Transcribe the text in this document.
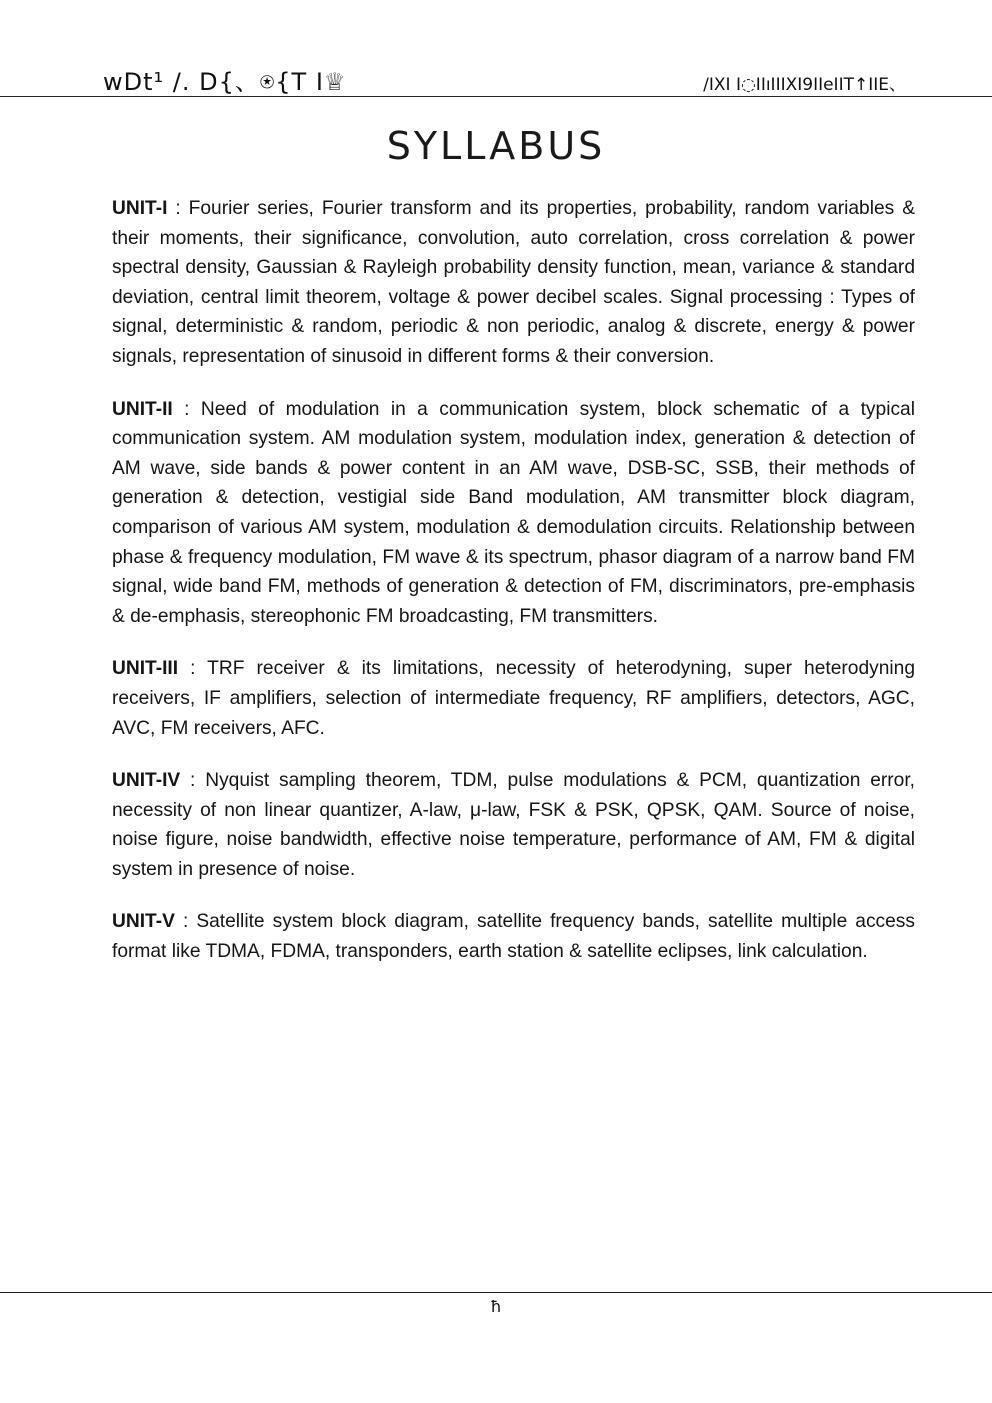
wDt¹ /. D{、⍟{T I♕	/IXI I◌IIıIIIXI9IIeIIT↑IIE、
SYLLABUS

UNIT-I : Fourier series, Fourier transform and its properties, probability, random variables & their moments, their significance, convolution, auto correlation, cross correlation & power spectral density, Gaussian & Rayleigh probability density function, mean, variance & standard deviation, central limit theorem, voltage & power decibel scales. Signal processing : Types of signal, deterministic & random, periodic & non periodic, analog & discrete, energy & power signals, representation of sinusoid in different forms & their conversion.

UNIT-II : Need of modulation in a communication system, block schematic of a typical communication system. AM modulation system, modulation index, generation & detection of AM wave, side bands & power content in an AM wave, DSB-SC, SSB, their methods of generation & detection, vestigial side Band modulation, AM transmitter block diagram, comparison of various AM system, modulation & demodulation circuits. Relationship between phase & frequency modulation, FM wave & its spectrum, phasor diagram of a narrow band FM signal, wide band FM, methods of generation & detection of FM, discriminators, pre-emphasis & de-emphasis, stereophonic FM broadcasting, FM transmitters.

UNIT-III : TRF receiver & its limitations, necessity of heterodyning, super heterodyning receivers, IF amplifiers, selection of intermediate frequency, RF amplifiers, detectors, AGC, AVC, FM receivers, AFC.

UNIT-IV : Nyquist sampling theorem, TDM, pulse modulations & PCM, quantization error, necessity of non linear quantizer, A-law, μ-law, FSK & PSK, QPSK, QAM. Source of noise, noise figure, noise bandwidth, effective noise temperature, performance of AM, FM & digital system in presence of noise.

UNIT-V : Satellite system block diagram, satellite frequency bands, satellite multiple access format like TDMA, FDMA, transponders, earth station & satellite eclipses, link calculation.

ħ
